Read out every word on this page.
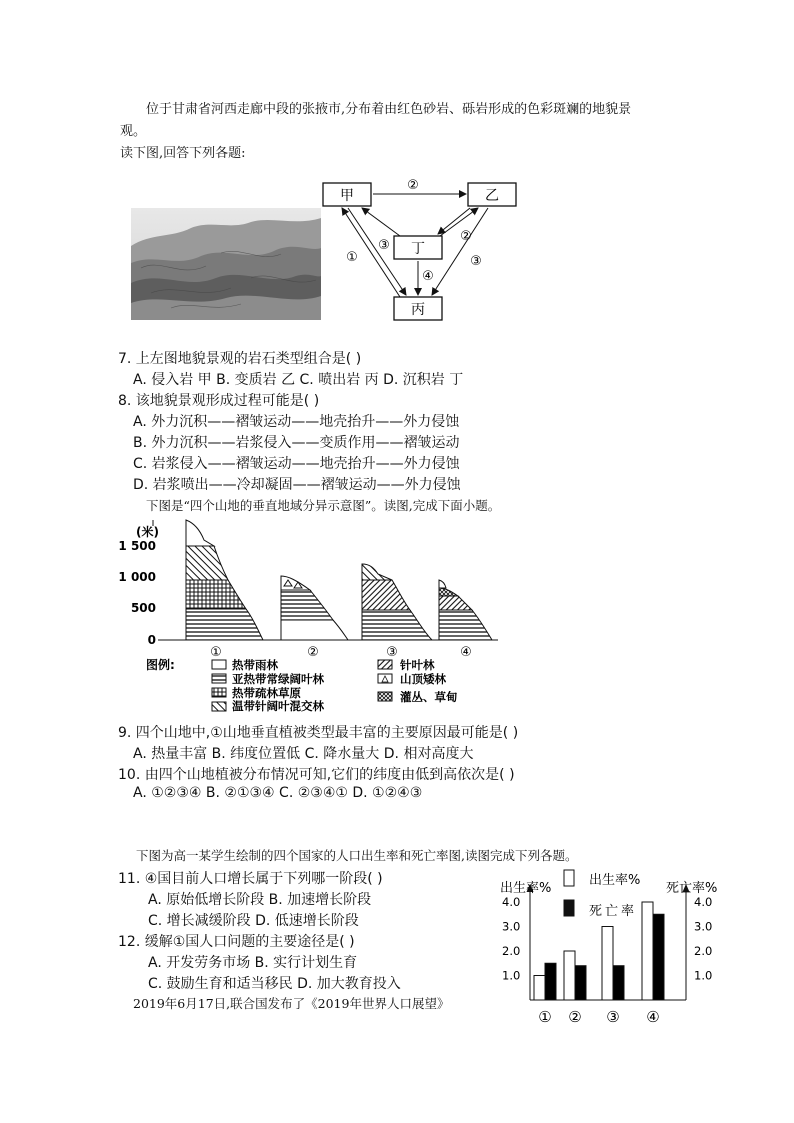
位于甘肃省河西走廊中段的张掖市,分布着由红色砂岩、砾岩形成的色彩斑斓的地貌景
观。
读下图,回答下列各题:
甲	乙
丁
丙
②
①
③
②
④
③
7. 上左图地貌景观的岩石类型组合是( )
A. 侵入岩 甲 B. 变质岩 乙 C. 喷出岩 丙 D. 沉积岩 丁
8. 该地貌景观形成过程可能是( )
A. 外力沉积——褶皱运动——地壳抬升——外力侵蚀
B. 外力沉积——岩浆侵入——变质作用——褶皱运动
C. 岩浆侵入——褶皱运动——地壳抬升——外力侵蚀
D. 岩浆喷出——冷却凝固——褶皱运动——外力侵蚀
下图是“四个山地的垂直地域分异示意图”。读图,完成下面小题。
(米)
1 500
1 000
500
0
①	②	③	④
图例:	热带雨林
亚热带常绿阔叶林
热带疏林草原
温带针阔叶混交林
针叶林
山顶矮林
灌丛、草甸
9. 四个山地中,①山地垂直植被类型最丰富的主要原因最可能是( )
A. 热量丰富 B. 纬度位置低 C. 降水量大 D. 相对高度大
10. 由四个山地植被分布情况可知,它们的纬度由低到高依次是( )
A. ①②③④ B. ②①③④ C. ②③④① D. ①②④③
下图为高一某学生绘制的四个国家的人口出生率和死亡率图,读图完成下列各题。
11. ④国目前人口增长属于下列哪一阶段( )
A. 原始低增长阶段 B. 加速增长阶段
C. 增长减缓阶段 D. 低速增长阶段
12. 缓解①国人口问题的主要途径是( )
A. 开发劳务市场 B. 实行计划生育
C. 鼓励生育和适当移民 D. 加大教育投入
2019年6月17日,联合国发布了《2019年世界人口展望》
出生率%	死亡率%
出生率%
死亡率
1.0	1.0
2.0	2.0
3.0	3.0
4.0	4.0
① ② ③ ④
